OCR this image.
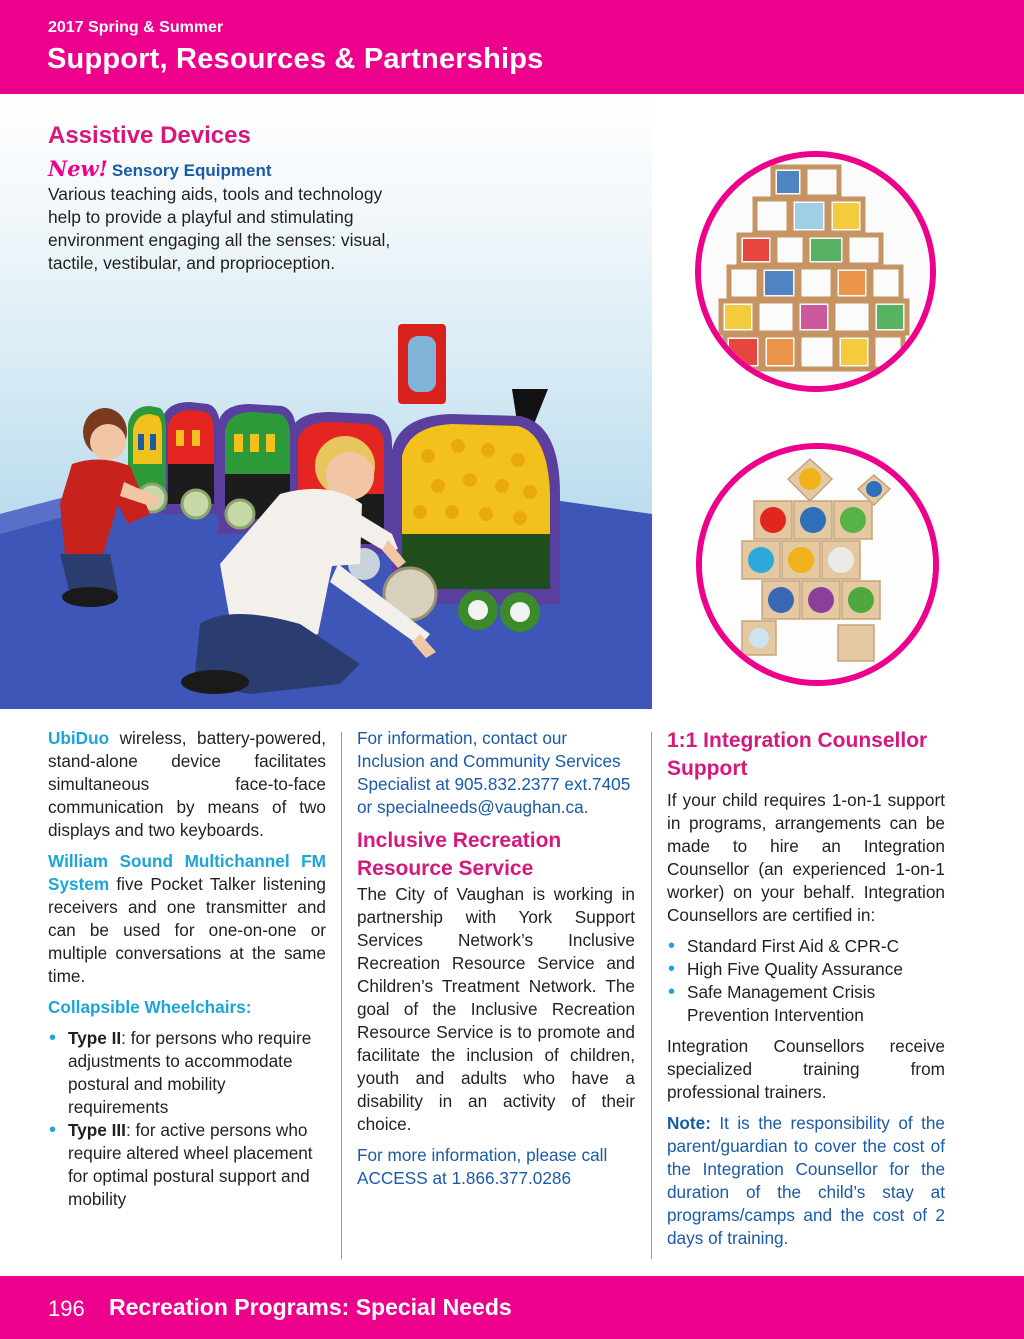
2017 Spring & Summer
Support, Resources & Partnerships
Assistive Devices
New! Sensory Equipment
Various teaching aids, tools and technology help to provide a playful and stimulating environment engaging all the senses: visual, tactile, vestibular, and proprioception.

UbiDuo wireless, battery-powered, stand-alone device facilitates simultaneous face-to-face communication by means of two displays and two keyboards.

William Sound Multichannel FM System five Pocket Talker listening receivers and one transmitter and can be used for one-on-one or multiple conversations at the same time.

Collapsible Wheelchairs:

• Type II: for persons who require adjustments to accommodate postural and mobility requirements
• Type III: for active persons who require altered wheel placement for optimal postural support and mobility

For information, contact our Inclusion and Community Services Specialist at 905.832.2377 ext.7405 or specialneeds@vaughan.ca.

Inclusive Recreation Resource Service

The City of Vaughan is working in partnership with York Support Services Network’s Inclusive Recreation Resource Service and Children’s Treatment Network. The goal of the Inclusive Recreation Resource Service is to promote and facilitate the inclusion of children, youth and adults who have a disability in an activity of their choice.

For more information, please call ACCESS at 1.866.377.0286

1:1 Integration Counsellor Support

If your child requires 1-on-1 support in programs, arrangements can be made to hire an Integration Counsellor (an experienced 1-on-1 worker) on your behalf. Integration Counsellors are certified in:

• Standard First Aid & CPR-C
• High Five Quality Assurance
• Safe Management Crisis Prevention Intervention

Integration Counsellors receive specialized training from professional trainers.

Note: It is the responsibility of the parent/guardian to cover the cost of the Integration Counsellor for the duration of the child’s stay at programs/camps and the cost of 2 days of training.

196 Recreation Programs: Special Needs
